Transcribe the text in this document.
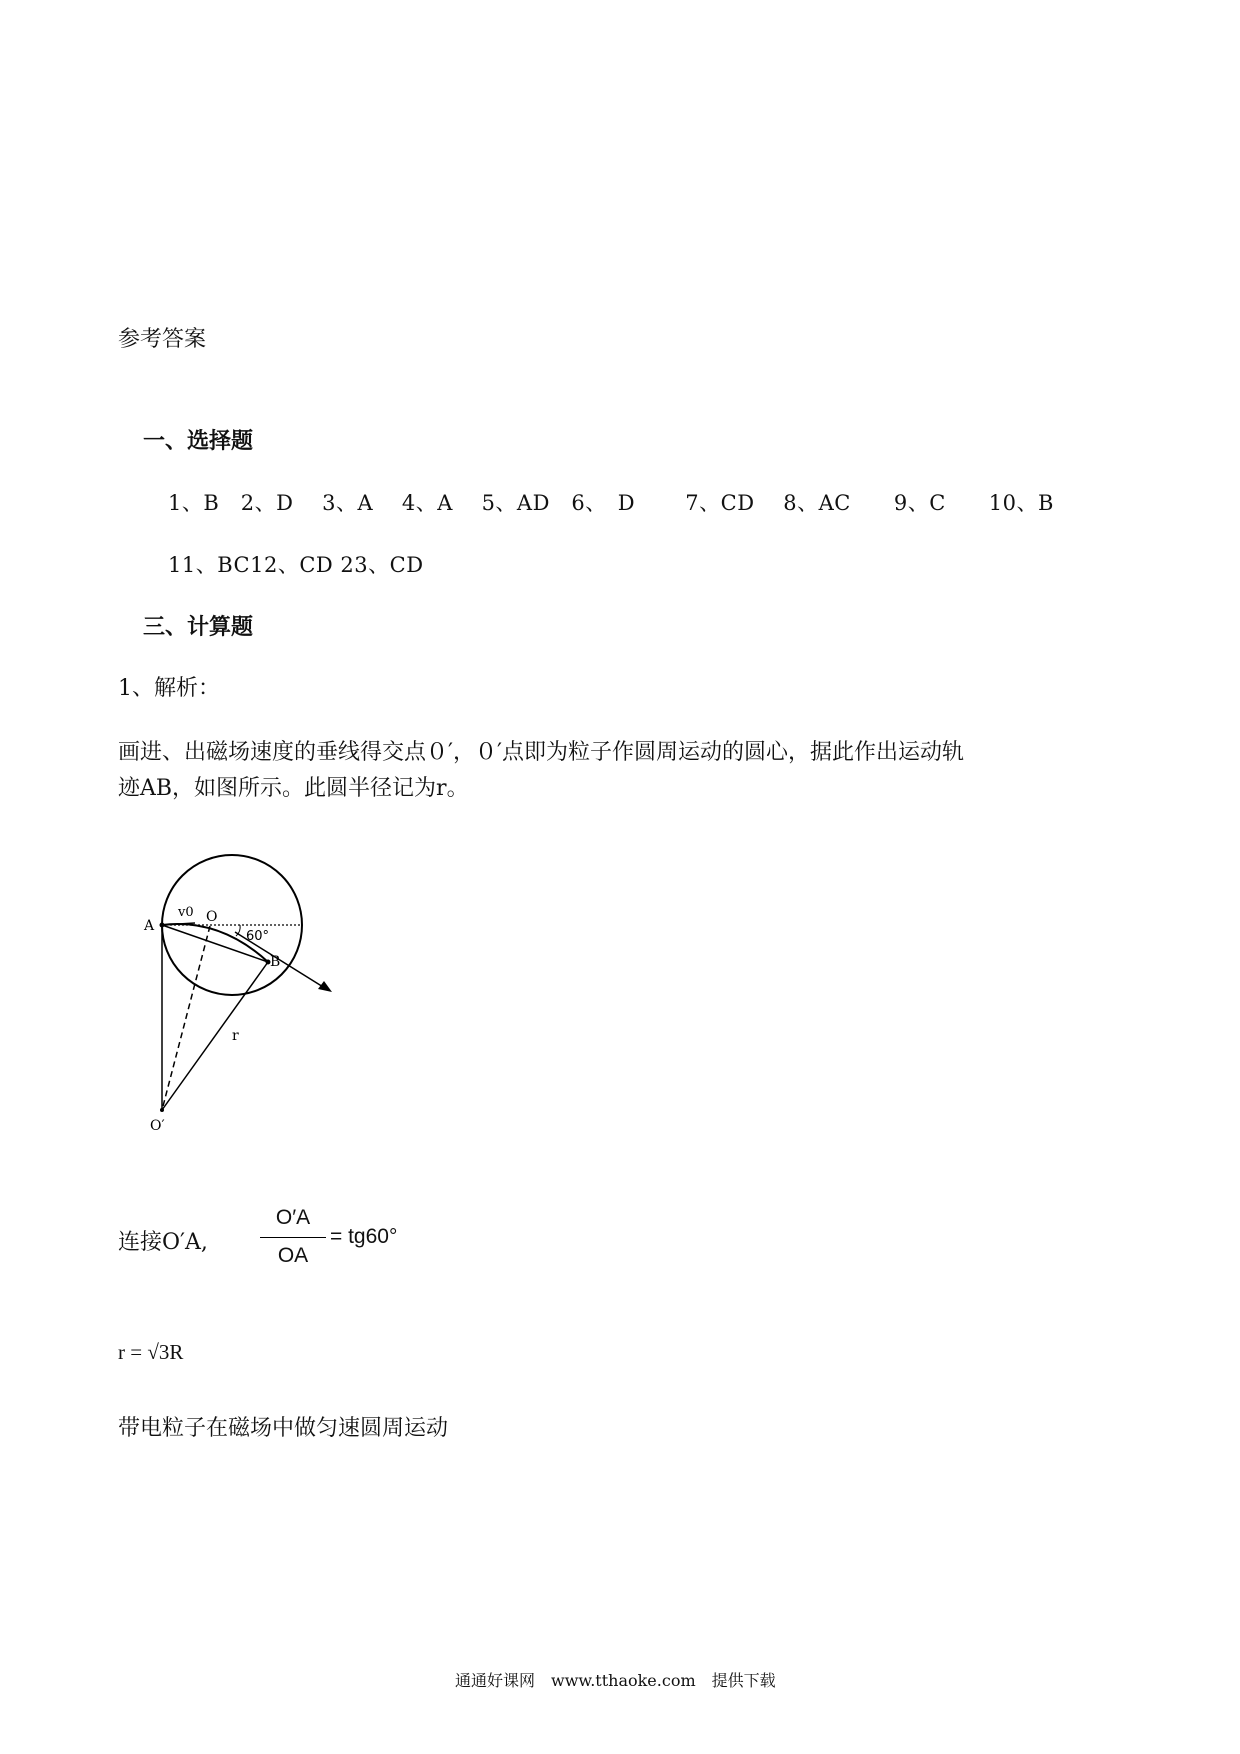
参考答案
一、选择题
1、B　2、D　 3、A　 4、A　 5、AD　6、　D　　 7、CD　 8、AC　　9、C　　10、B
11、BC12、CD 23、CD
三、计算题
1、解析：
画进、出磁场速度的垂线得交点０′，０′点即为粒子作圆周运动的圆心，据此作出运动轨
迹AB，如图所示。此圆半径记为r。
A
B
O
O′
v0
r
60°
连接O′A,
O′A
OA
= tg60°
r = √3R
带电粒子在磁场中做匀速圆周运动
通通好课网　www.tthaoke.com　提供下载
